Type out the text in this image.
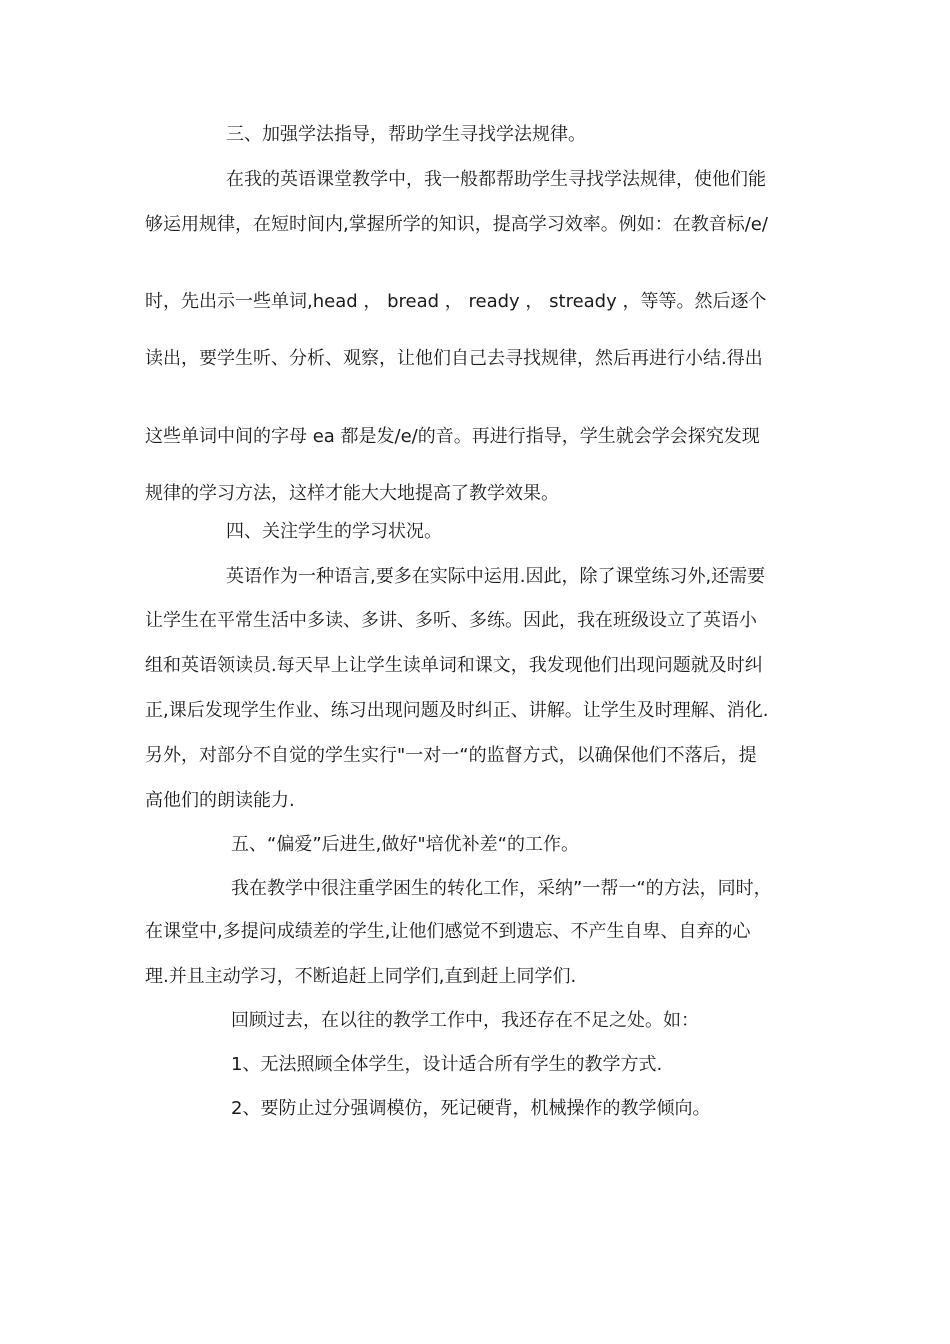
三、加强学法指导，帮助学生寻找学法规律。
在我的英语课堂教学中，我一般都帮助学生寻找学法规律，使他们能
够运用规律，在短时间内,掌握所学的知识，提高学习效率。例如：在教音标/e/
时，先出示一些单词,head ， bread ， ready ， stready ，等等。然后逐个
读出，要学生听、分析、观察，让他们自己去寻找规律，然后再进行小结.得出
这些单词中间的字母 ea 都是发/e/的音。再进行指导，学生就会学会探究发现
规律的学习方法，这样才能大大地提高了教学效果。
四、关注学生的学习状况。
英语作为一种语言,要多在实际中运用.因此，除了课堂练习外,还需要
让学生在平常生活中多读、多讲、多听、多练。因此，我在班级设立了英语小
组和英语领读员.每天早上让学生读单词和课文，我发现他们出现问题就及时纠
正,课后发现学生作业、练习出现问题及时纠正、讲解。让学生及时理解、消化.
另外，对部分不自觉的学生实行"一对一“的监督方式，以确保他们不落后，提
高他们的朗读能力.
五、“偏爱”后进生,做好"培优补差“的工作。
我在教学中很注重学困生的转化工作，采纳”一帮一“的方法，同时，
在课堂中,多提问成绩差的学生,让他们感觉不到遗忘、不产生自卑、自弃的心
理.并且主动学习，不断追赶上同学们,直到赶上同学们.
回顾过去，在以往的教学工作中，我还存在不足之处。如：
1、无法照顾全体学生，设计适合所有学生的教学方式.
2、要防止过分强调模仿，死记硬背，机械操作的教学倾向。
